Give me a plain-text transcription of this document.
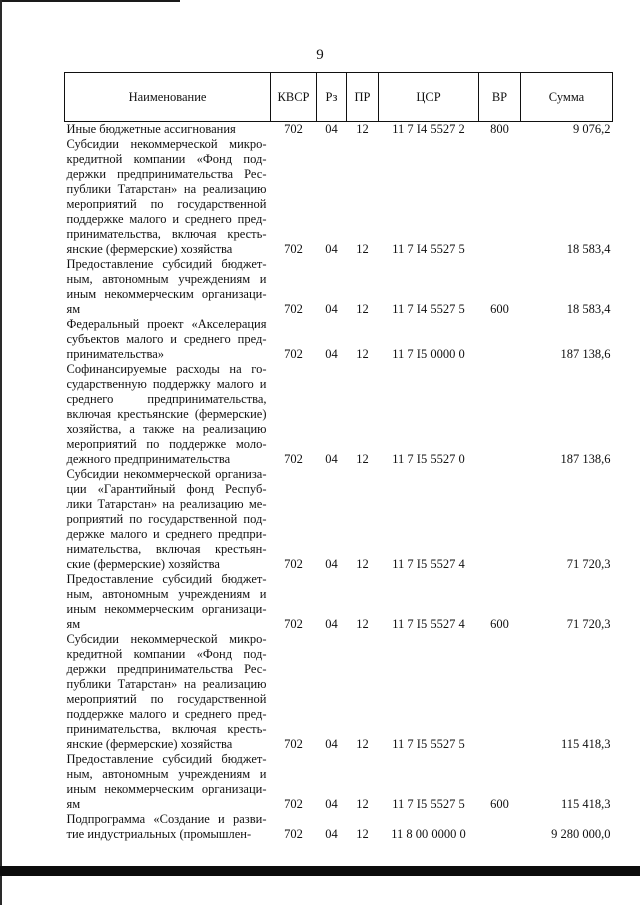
9
Наименование	КВСР	Рз	ПР	ЦСР	ВР	Сумма
Иные бюджетные ассигнования	702	04	12	11 7 I4 5527 2	800	9 076,2
Субсидии некоммерческой микро-кредитной компании «Фонд под-держки предпринимательства Рес-публики Татарстан» на реализацию мероприятий по государственной поддержке малого и среднего пред-принимательства, включая кресть-янские (фермерские) хозяйства	702	04	12	11 7 I4 5527 5		18 583,4
Предоставление субсидий бюджет-ным, автономным учреждениям и иным некоммерческим организаци-ям	702	04	12	11 7 I4 5527 5	600	18 583,4
Федеральный проект «Акселерация субъектов малого и среднего пред-принимательства»	702	04	12	11 7 I5 0000 0		187 138,6
Софинансируемые расходы на го-сударственную поддержку малого и среднего предпринимательства, включая крестьянские (фермерские) хозяйства, а также на реализацию мероприятий по поддержке моло-дежного предпринимательства	702	04	12	11 7 I5 5527 0		187 138,6
Субсидии некоммерческой организа-ции «Гарантийный фонд Респуб-лики Татарстан» на реализацию ме-роприятий по государственной под-держке малого и среднего предпри-нимательства, включая крестьян-ские (фермерские) хозяйства	702	04	12	11 7 I5 5527 4		71 720,3
Предоставление субсидий бюджет-ным, автономным учреждениям и иным некоммерческим организаци-ям	702	04	12	11 7 I5 5527 4	600	71 720,3
Субсидии некоммерческой микро-кредитной компании «Фонд под-держки предпринимательства Рес-публики Татарстан» на реализацию мероприятий по государственной поддержке малого и среднего пред-принимательства, включая кресть-янские (фермерские) хозяйства	702	04	12	11 7 I5 5527 5		115 418,3
Предоставление субсидий бюджет-ным, автономным учреждениям и иным некоммерческим организаци-ям	702	04	12	11 7 I5 5527 5	600	115 418,3
Подпрограмма «Создание и разви-тие индустриальных (промышлен-	702	04	12	11 8 00 0000 0		9 280 000,0
